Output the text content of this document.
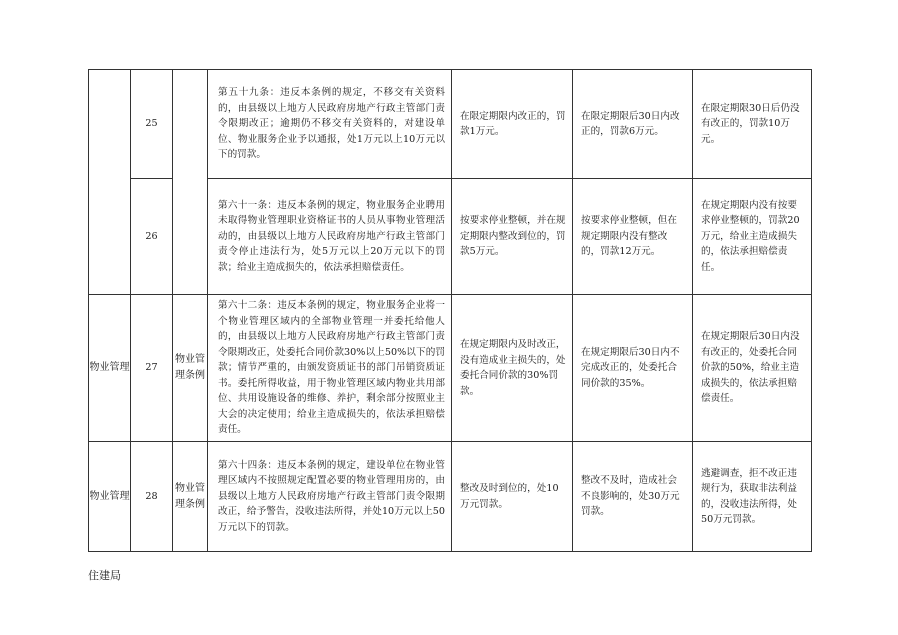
	25		第五十九条：违反本条例的规定，不移交有关资料的，由县级以上地方人民政府房地产行政主管部门责令限期改正；逾期仍不移交有关资料的，对建设单位、物业服务企业予以通报，处1万元以上10万元以下的罚款。	在限定期限内改正的，罚款1万元。	在限定期限后30日内改正的，罚款6万元。	在限定期限30日后仍没有改正的，罚款10万元。
	26		第六十一条：违反本条例的规定，物业服务企业聘用未取得物业管理职业资格证书的人员从事物业管理活动的，由县级以上地方人民政府房地产行政主管部门责令停止违法行为，处5万元以上20万元以下的罚款；给业主造成损失的，依法承担赔偿责任。	按要求停业整顿，并在规定期限内整改到位的，罚款5万元。	按要求停业整顿，但在规定期限内没有整改的，罚款12万元。	在规定期限内没有按要求停业整顿的，罚款20万元，给业主造成损失的，依法承担赔偿责任。

物业管理	27	物业管理条例	第六十二条：违反本条例的规定，物业服务企业将一个物业管理区域内的全部物业管理一并委托给他人的，由县级以上地方人民政府房地产行政主管部门责令限期改正，处委托合同价款30%以上50%以下的罚款；情节严重的，由颁发资质证书的部门吊销资质证书。委托所得收益，用于物业管理区域内物业共用部位、共用设施设备的维修、养护，剩余部分按照业主大会的决定使用；给业主造成损失的，依法承担赔偿责任。	在规定期限内及时改正，没有造成业主损失的，处委托合同价款的30%罚款。	在规定期限后30日内不完成改正的，处委托合同价款的35%。	在规定期限后30日内没有改正的，处委托合同价款的50%，给业主造成损失的，依法承担赔偿责任。

物业管理	28	物业管理条例	第六十四条：违反本条例的规定，建设单位在物业管理区域内不按照规定配置必要的物业管理用房的，由县级以上地方人民政府房地产行政主管部门责令限期改正，给予警告，没收违法所得，并处10万元以上50万元以下的罚款。	整改及时到位的，处10万元罚款。	整改不及时，造成社会不良影响的，处30万元罚款。	逃避调查，拒不改正违规行为，获取非法利益的，没收违法所得，处50万元罚款。
住建局
